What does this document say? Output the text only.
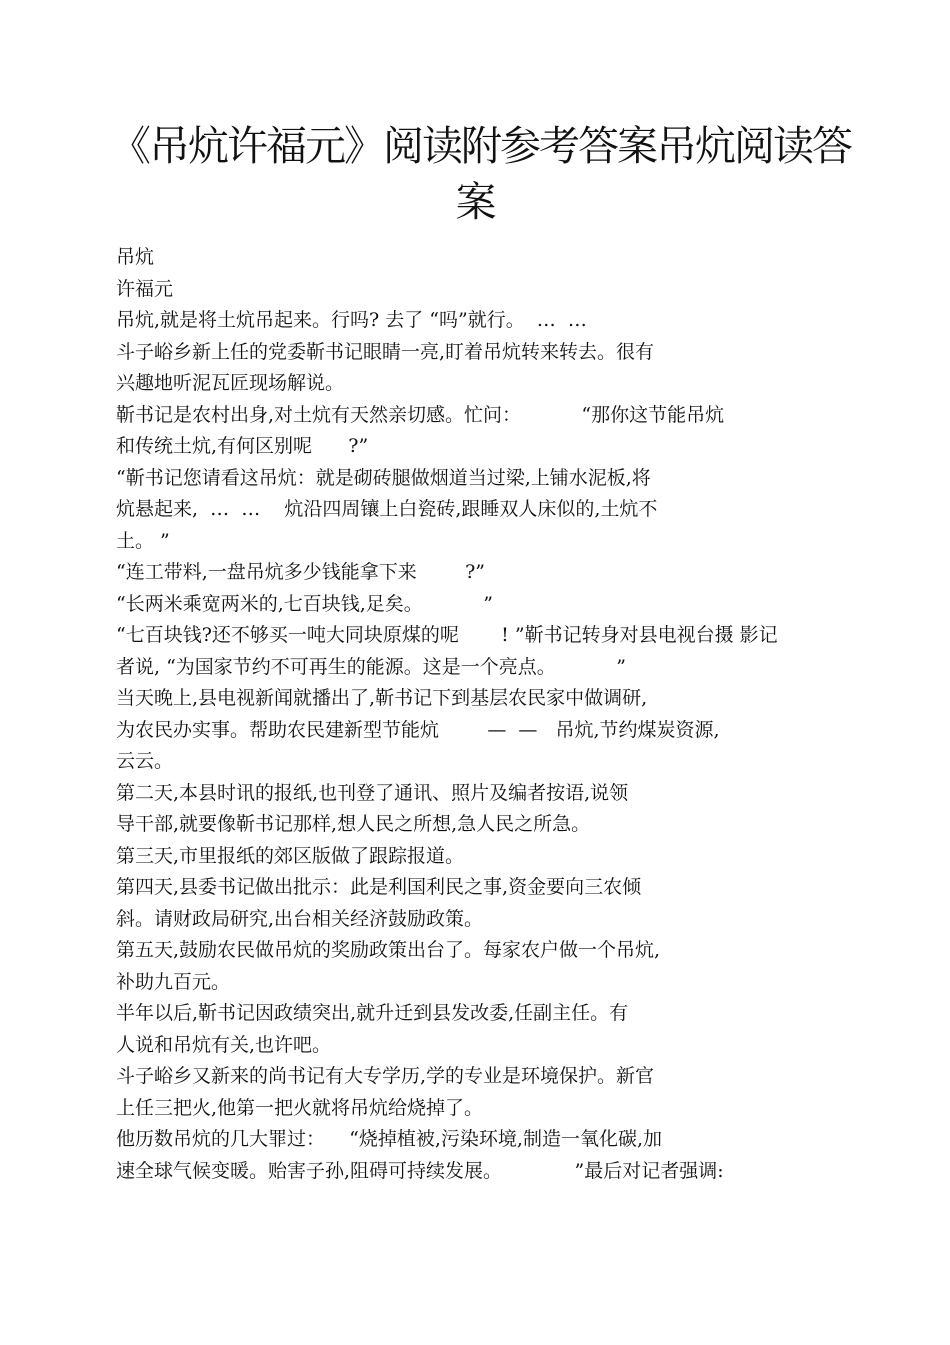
《吊炕许福元》阅读附参考答案吊炕阅读答
案
吊炕
许福元
吊炕,就是将土炕吊起来。行吗? 去了 “吗”就行。  …  …
斗子峪乡新上任的党委靳书记眼睛一亮,盯着吊炕转来转去。很有
兴趣地听泥瓦匠现场解说。
靳书记是农村出身,对土炕有天然亲切感。忙问：          “那你这节能吊炕
和传统土炕,有何区别呢      ?”
“靳书记您请看这吊炕：就是砌砖腿做烟道当过梁,上铺水泥板,将
炕悬起来,  …  …    炕沿四周镶上白瓷砖,跟睡双人床似的,土炕不
土。 ”
“连工带料,一盘吊炕多少钱能拿下来        ?”
“长两米乘宽两米的,七百块钱,足矣。          ”
“七百块钱?还不够买一吨大同块原煤的呢       ! ”靳书记转身对县电视台摄 影记
者说, “为国家节约不可再生的能源。这是一个亮点。          ”
当天晚上,县电视新闻就播出了,靳书记下到基层农民家中做调研,
为农民办实事。帮助农民建新型节能炕        —  —   吊炕,节约煤炭资源,
云云。
第二天,本县时讯的报纸,也刊登了通讯、照片及编者按语,说领
导干部,就要像靳书记那样,想人民之所想,急人民之所急。
第三天,市里报纸的郊区版做了跟踪报道。
第四天,县委书记做出批示：此是利国利民之事,资金要向三农倾
斜。请财政局研究,出台相关经济鼓励政策。
第五天,鼓励农民做吊炕的奖励政策出台了。每家农户做一个吊炕,
补助九百元。
半年以后,靳书记因政绩突出,就升迁到县发改委,任副主任。有
人说和吊炕有关,也许吧。
斗子峪乡又新来的尚书记有大专学历,学的专业是环境保护。新官
上任三把火,他第一把火就将吊炕给烧掉了。
他历数吊炕的几大罪过：    “烧掉植被,污染环境,制造一氧化碳,加
速全球气候变暖。贻害子孙,阻碍可持续发展。            ”最后对记者强调:
